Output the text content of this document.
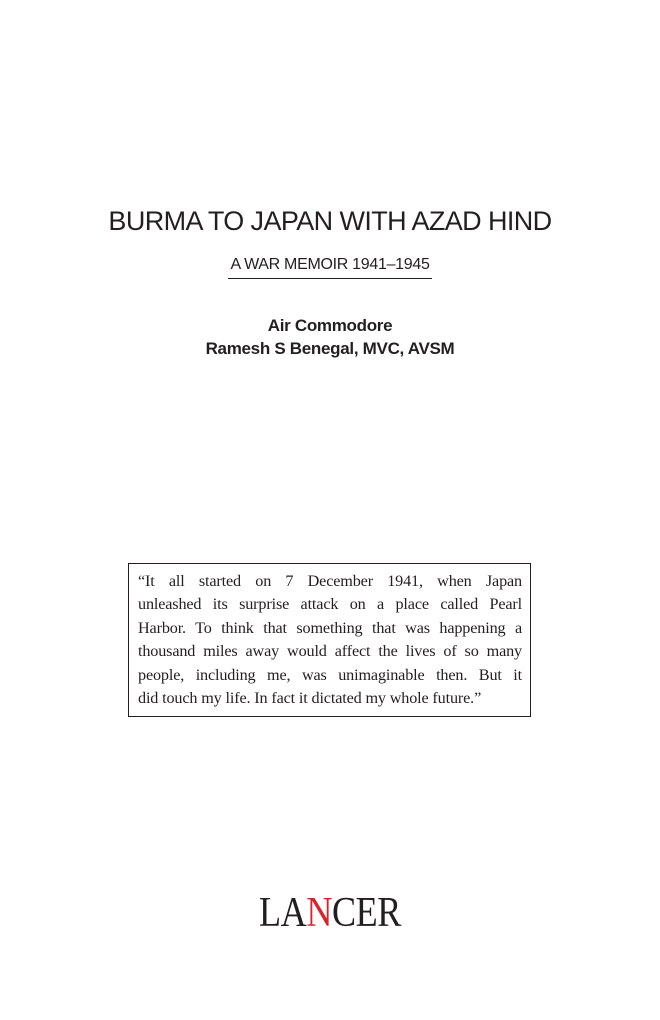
BURMA TO JAPAN WITH AZAD HIND
A WAR MEMOIR 1941–1945
Air Commodore
Ramesh S Benegal, MVC, AVSM

“It all started on 7 December 1941, when Japan
unleashed its surprise attack on a place called Pearl
Harbor. To think that something that was happening a
thousand miles away would affect the lives of so many
people, including me, was unimaginable then. But it
did touch my life. In fact it dictated my whole future.”

LANCER
